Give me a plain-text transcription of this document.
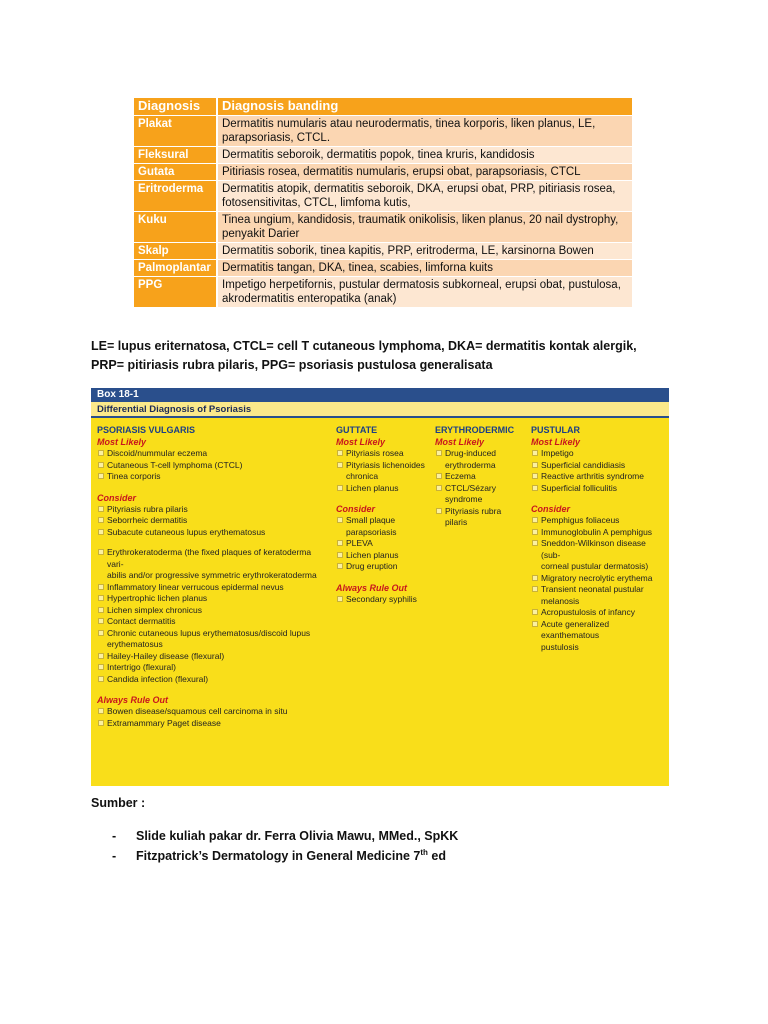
Diagnosis	Diagnosis banding
Plakat	Dermatitis numularis atau neurodermatis, tinea korporis, liken planus, LE, parapsoriasis, CTCL.
Fleksural	Dermatitis seboroik, dermatitis popok, tinea kruris, kandidosis
Gutata	Pitiriasis rosea, dermatitis numularis, erupsi obat, parapsoriasis, CTCL
Eritroderma	Dermatitis atopik, dermatitis seboroik, DKA, erupsi obat, PRP, pitiriasis rosea, fotosensitivitas, CTCL, limfoma kutis,
Kuku	Tinea ungium, kandidosis, traumatik onikolisis, liken planus, 20 nail dystrophy, penyakit Darier
Skalp	Dermatitis soborik, tinea kapitis, PRP, eritroderma, LE, karsinorna Bowen
Palmoplantar	Dermatitis tangan, DKA, tinea, scabies, limforna kuits
PPG	Impetigo herpetifornis, pustular dermatosis subkorneal, erupsi obat, pustulosa, akrodermatitis enteropatika (anak)
LE= lupus eriternatosa, CTCL= cell T cutaneous lymphoma, DKA= dermatitis kontak alergik, PRP= pitiriasis rubra pilaris, PPG= psoriasis pustulosa generalisata
Box 18-1
Differential Diagnosis of Psoriasis
PSORIASIS VULGARIS
Most Likely
Discoid/nummular eczema
Cutaneous T-cell lymphoma (CTCL)
Tinea corporis
Consider
Pityriasis rubra pilaris
Seborrheic dermatitis
Subacute cutaneous lupus erythematosus
Erythrokeratoderma (the fixed plaques of keratoderma vari-
abilis and/or progressive symmetric erythrokeratoderma
Inflammatory linear verrucous epidermal nevus
Hypertrophic lichen planus
Lichen simplex chronicus
Contact dermatitis
Chronic cutaneous lupus erythematosus/discoid lupus
erythematosus
Hailey-Hailey disease (flexural)
Intertrigo (flexural)
Candida infection (flexural)
Always Rule Out
Bowen disease/squamous cell carcinoma in situ
Extramammary Paget disease
GUTTATE
Most Likely
Pityriasis rosea
Pityriasis lichenoides
chronica
Lichen planus
Consider
Small plaque
parapsoriasis
PLEVA
Lichen planus
Drug eruption
Always Rule Out
Secondary syphilis
ERYTHRODERMIC
Most Likely
Drug-induced
erythroderma
Eczema
CTCL/Sézary
syndrome
Pityriasis rubra
pilaris
PUSTULAR
Most Likely
Impetigo
Superficial candidiasis
Reactive arthritis syndrome
Superficial folliculitis
Consider
Pemphigus foliaceus
Immunoglobulin A pemphigus
Sneddon-Wilkinson disease (sub-
corneal pustular dermatosis)
Migratory necrolytic erythema
Transient neonatal pustular melanosis
Acropustulosis of infancy
Acute generalized exanthematous
pustulosis
Sumber :
- Slide kuliah pakar dr. Ferra Olivia Mawu, MMed., SpKK
- Fitzpatrick’s Dermatology in General Medicine 7th ed
